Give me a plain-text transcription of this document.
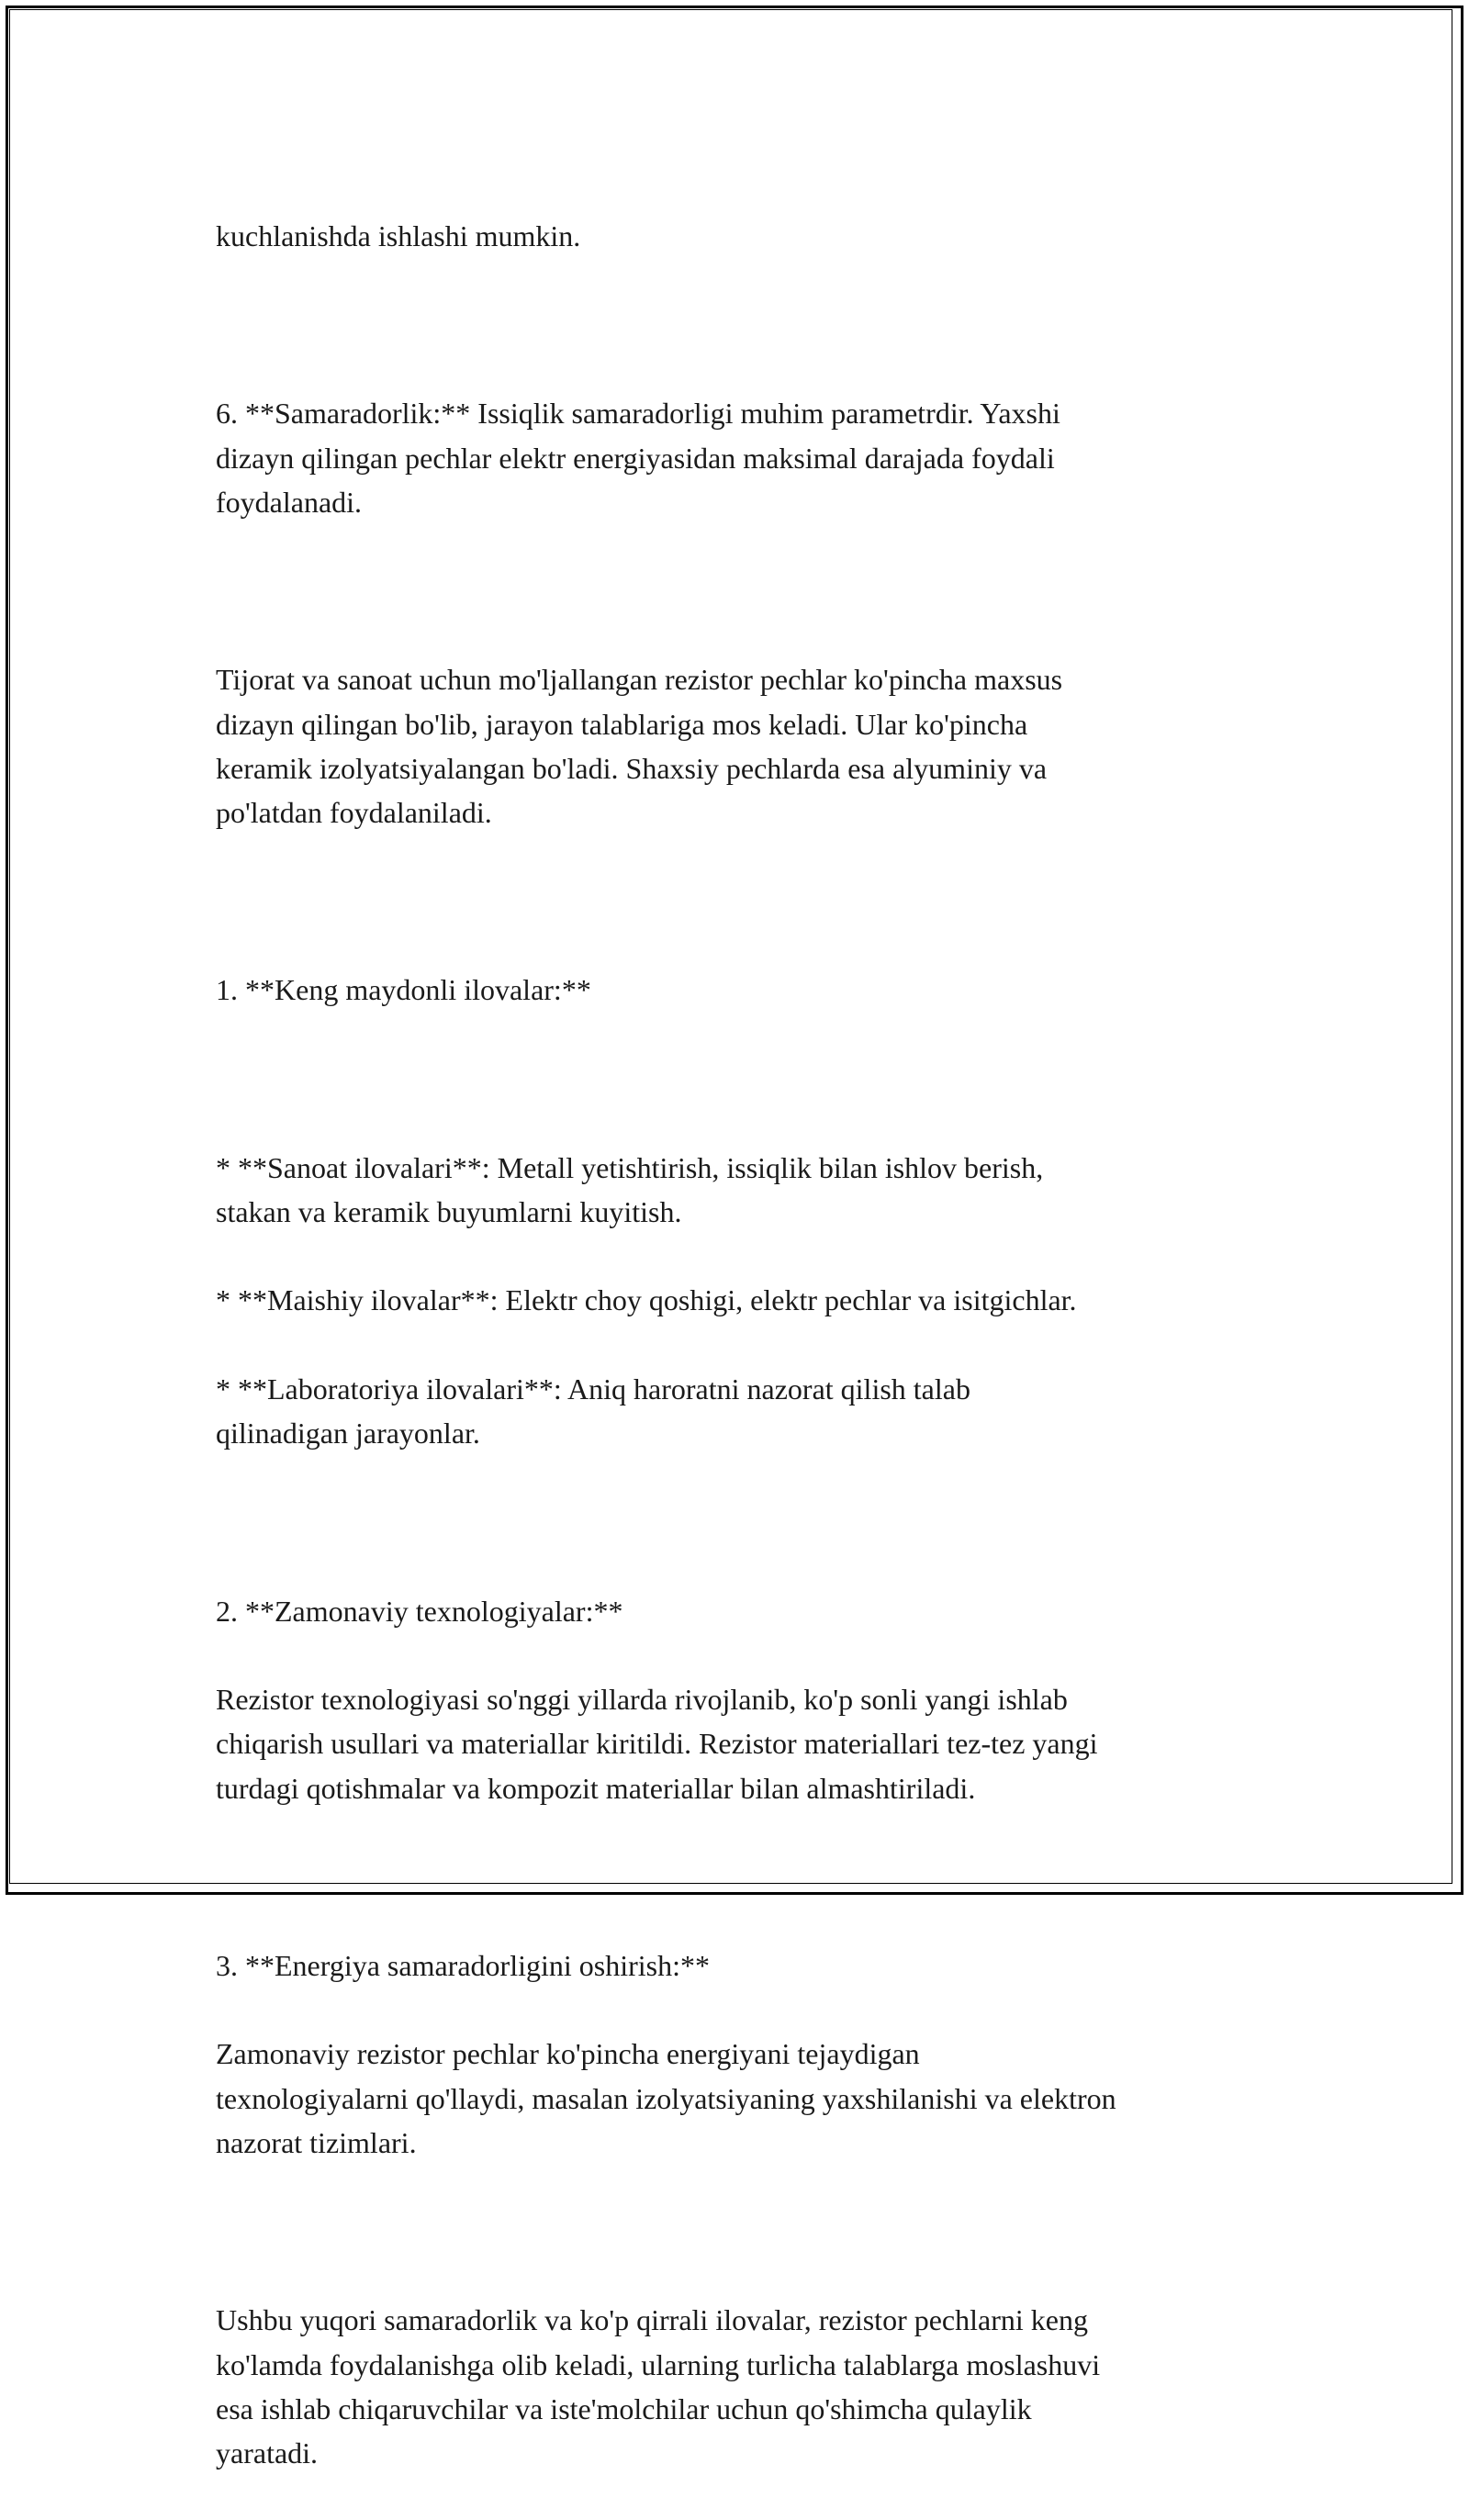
kuchlanishda ishlashi mumkin.

6. **Samaradorlik:** Issiqlik samaradorligi muhim parametrdir. Yaxshi
dizayn qilingan pechlar elektr energiyasidan maksimal darajada foydali
foydalanadi.

Tijorat va sanoat uchun mo'ljallangan rezistor pechlar ko'pincha maxsus
dizayn qilingan bo'lib, jarayon talablariga mos keladi. Ular ko'pincha
keramik izolyatsiyalangan bo'ladi. Shaxsiy pechlarda esa alyuminiy va
po'latdan foydalaniladi.

1. **Keng maydonli ilovalar:**

* **Sanoat ilovalari**: Metall yetishtirish, issiqlik bilan ishlov berish,
stakan va keramik buyumlarni kuyitish.

* **Maishiy ilovalar**: Elektr choy qoshigi, elektr pechlar va isitgichlar.

* **Laboratoriya ilovalari**: Aniq haroratni nazorat qilish talab
qilinadigan jarayonlar.

2. **Zamonaviy texnologiyalar:**

Rezistor texnologiyasi so'nggi yillarda rivojlanib, ko'p sonli yangi ishlab
chiqarish usullari va materiallar kiritildi. Rezistor materiallari tez-tez yangi
turdagi qotishmalar va kompozit materiallar bilan almashtiriladi.

3. **Energiya samaradorligini oshirish:**

Zamonaviy rezistor pechlar ko'pincha energiyani tejaydigan
texnologiyalarni qo'llaydi, masalan izolyatsiyaning yaxshilanishi va elektron
nazorat tizimlari.

Ushbu yuqori samaradorlik va ko'p qirrali ilovalar, rezistor pechlarni keng
ko'lamda foydalanishga olib keladi, ularning turlicha talablarga moslashuvi
esa ishlab chiqaruvchilar va iste'molchilar uchun qo'shimcha qulaylik
yaratadi.
